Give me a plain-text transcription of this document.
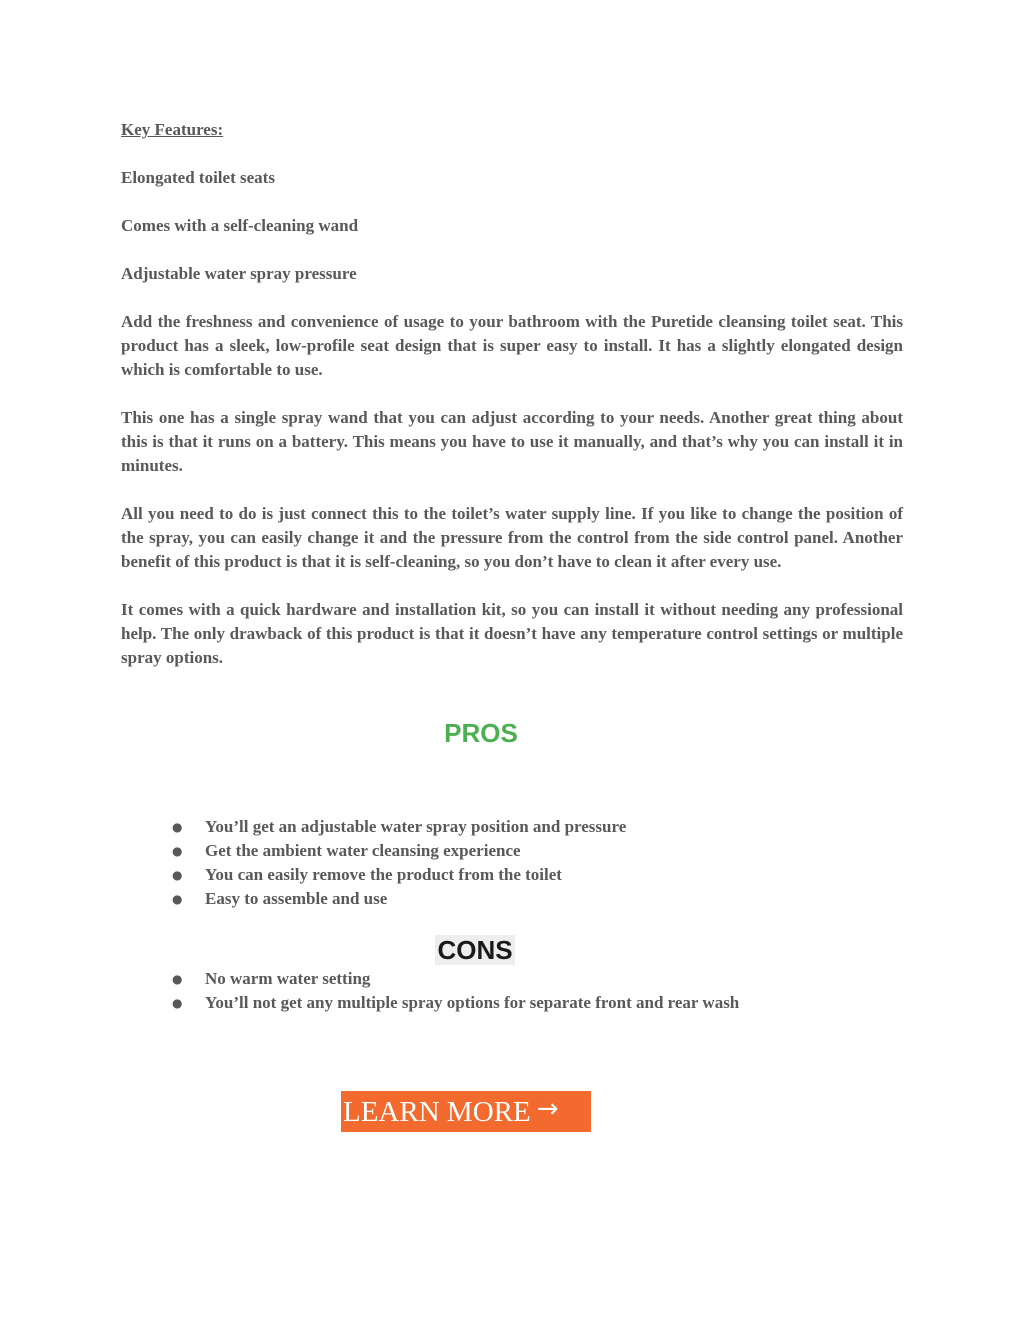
Key Features:

Elongated toilet seats

Comes with a self-cleaning wand

Adjustable water spray pressure

Add the freshness and convenience of usage to your bathroom with the Puretide cleansing toilet seat. This product has a sleek, low-profile seat design that is super easy to install. It has a slightly elongated design which is comfortable to use.

This one has a single spray wand that you can adjust according to your needs. Another great thing about this is that it runs on a battery. This means you have to use it manually, and that’s why you can install it in minutes.

All you need to do is just connect this to the toilet’s water supply line. If you like to change the position of the spray, you can easily change it and the pressure from the control from the side control panel. Another benefit of this product is that it is self-cleaning, so you don’t have to clean it after every use.

It comes with a quick hardware and installation kit, so you can install it without needing any professional help. The only drawback of this product is that it doesn’t have any temperature control settings or multiple spray options.

PROS
● You’ll get an adjustable water spray position and pressure
● Get the ambient water cleansing experience
● You can easily remove the product from the toilet
● Easy to assemble and use
CONS
● No warm water setting
● You’ll not get any multiple spray options for separate front and rear wash
LEARN MORE →
